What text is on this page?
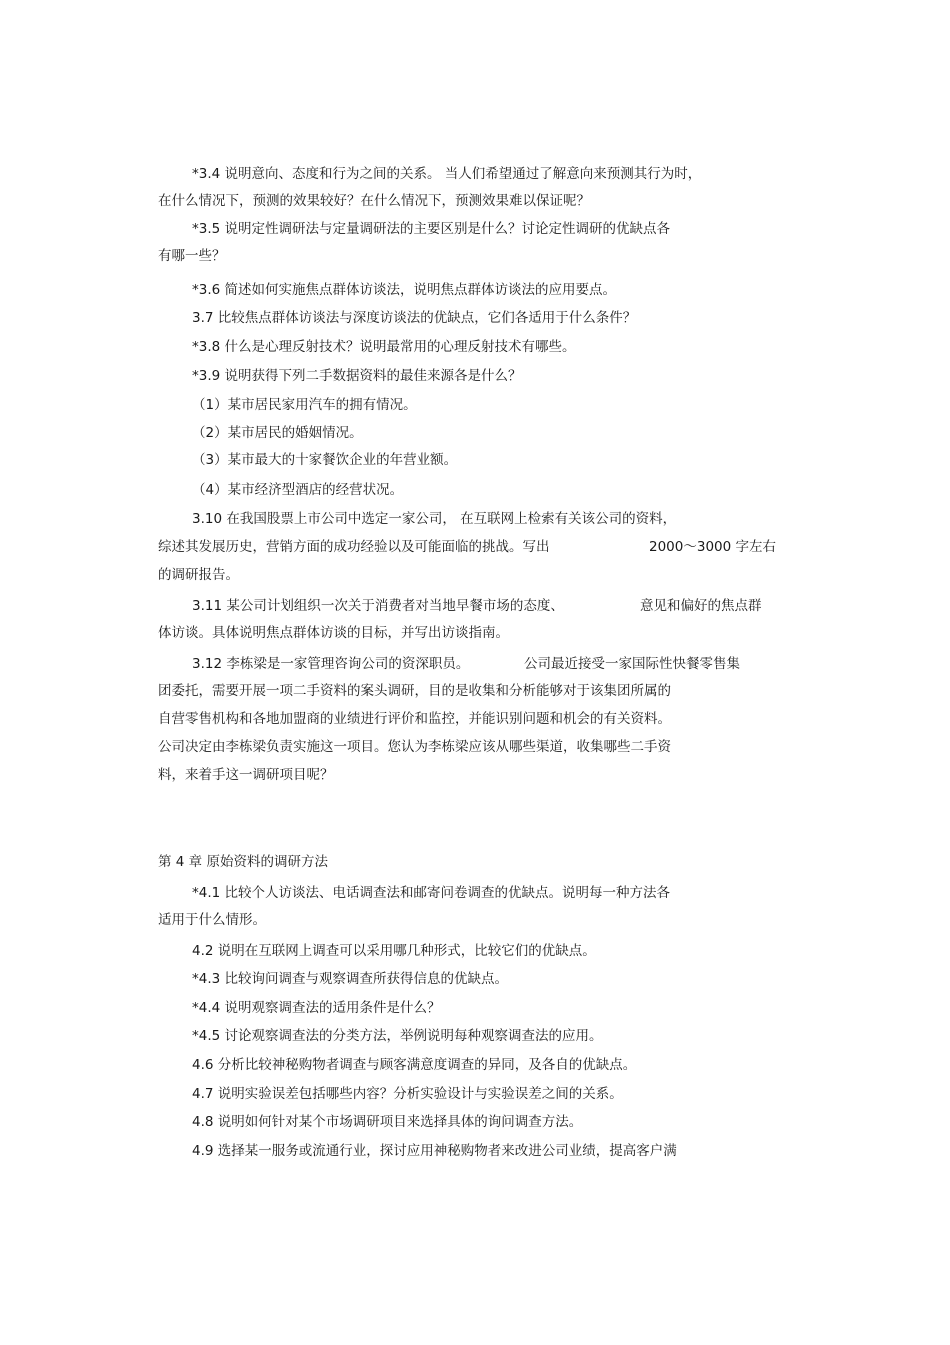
*3.4 说明意向、态度和行为之间的关系。 当人们希望通过了解意向来预测其行为时，
在什么情况下，预测的效果较好？在什么情况下，预测效果难以保证呢？
*3.5 说明定性调研法与定量调研法的主要区别是什么？讨论定性调研的优缺点各
有哪一些？
*3.6 简述如何实施焦点群体访谈法，说明焦点群体访谈法的应用要点。
3.7 比较焦点群体访谈法与深度访谈法的优缺点，它们各适用于什么条件？
*3.8 什么是心理反射技术？说明最常用的心理反射技术有哪些。
*3.9 说明获得下列二手数据资料的最佳来源各是什么？
（1）某市居民家用汽车的拥有情况。
（2）某市居民的婚姻情况。
（3）某市最大的十家餐饮企业的年营业额。
（4）某市经济型酒店的经营状况。
3.10 在我国股票上市公司中选定一家公司， 在互联网上检索有关该公司的资料，
综述其发展历史，营销方面的成功经验以及可能面临的挑战。写出	2000～3000 字左右
的调研报告。
3.11 某公司计划组织一次关于消费者对当地早餐市场的态度、	意见和偏好的焦点群
体访谈。具体说明焦点群体访谈的目标，并写出访谈指南。
3.12 李栋梁是一家管理咨询公司的资深职员。	公司最近接受一家国际性快餐零售集
团委托，需要开展一项二手资料的案头调研，目的是收集和分析能够对于该集团所属的
自营零售机构和各地加盟商的业绩进行评价和监控，并能识别问题和机会的有关资料。
公司决定由李栋梁负责实施这一项目。您认为李栋梁应该从哪些渠道，收集哪些二手资
料，来着手这一调研项目呢？
第 4 章 原始资料的调研方法
*4.1 比较个人访谈法、电话调查法和邮寄问卷调查的优缺点。说明每一种方法各
适用于什么情形。
4.2 说明在互联网上调查可以采用哪几种形式，比较它们的优缺点。
*4.3 比较询问调查与观察调查所获得信息的优缺点。
*4.4 说明观察调查法的适用条件是什么？
*4.5 讨论观察调查法的分类方法，举例说明每种观察调查法的应用。
4.6 分析比较神秘购物者调查与顾客满意度调查的异同，及各自的优缺点。
4.7 说明实验误差包括哪些内容？分析实验设计与实验误差之间的关系。
4.8 说明如何针对某个市场调研项目来选择具体的询问调查方法。
4.9 选择某一服务或流通行业，探讨应用神秘购物者来改进公司业绩，提高客户满
